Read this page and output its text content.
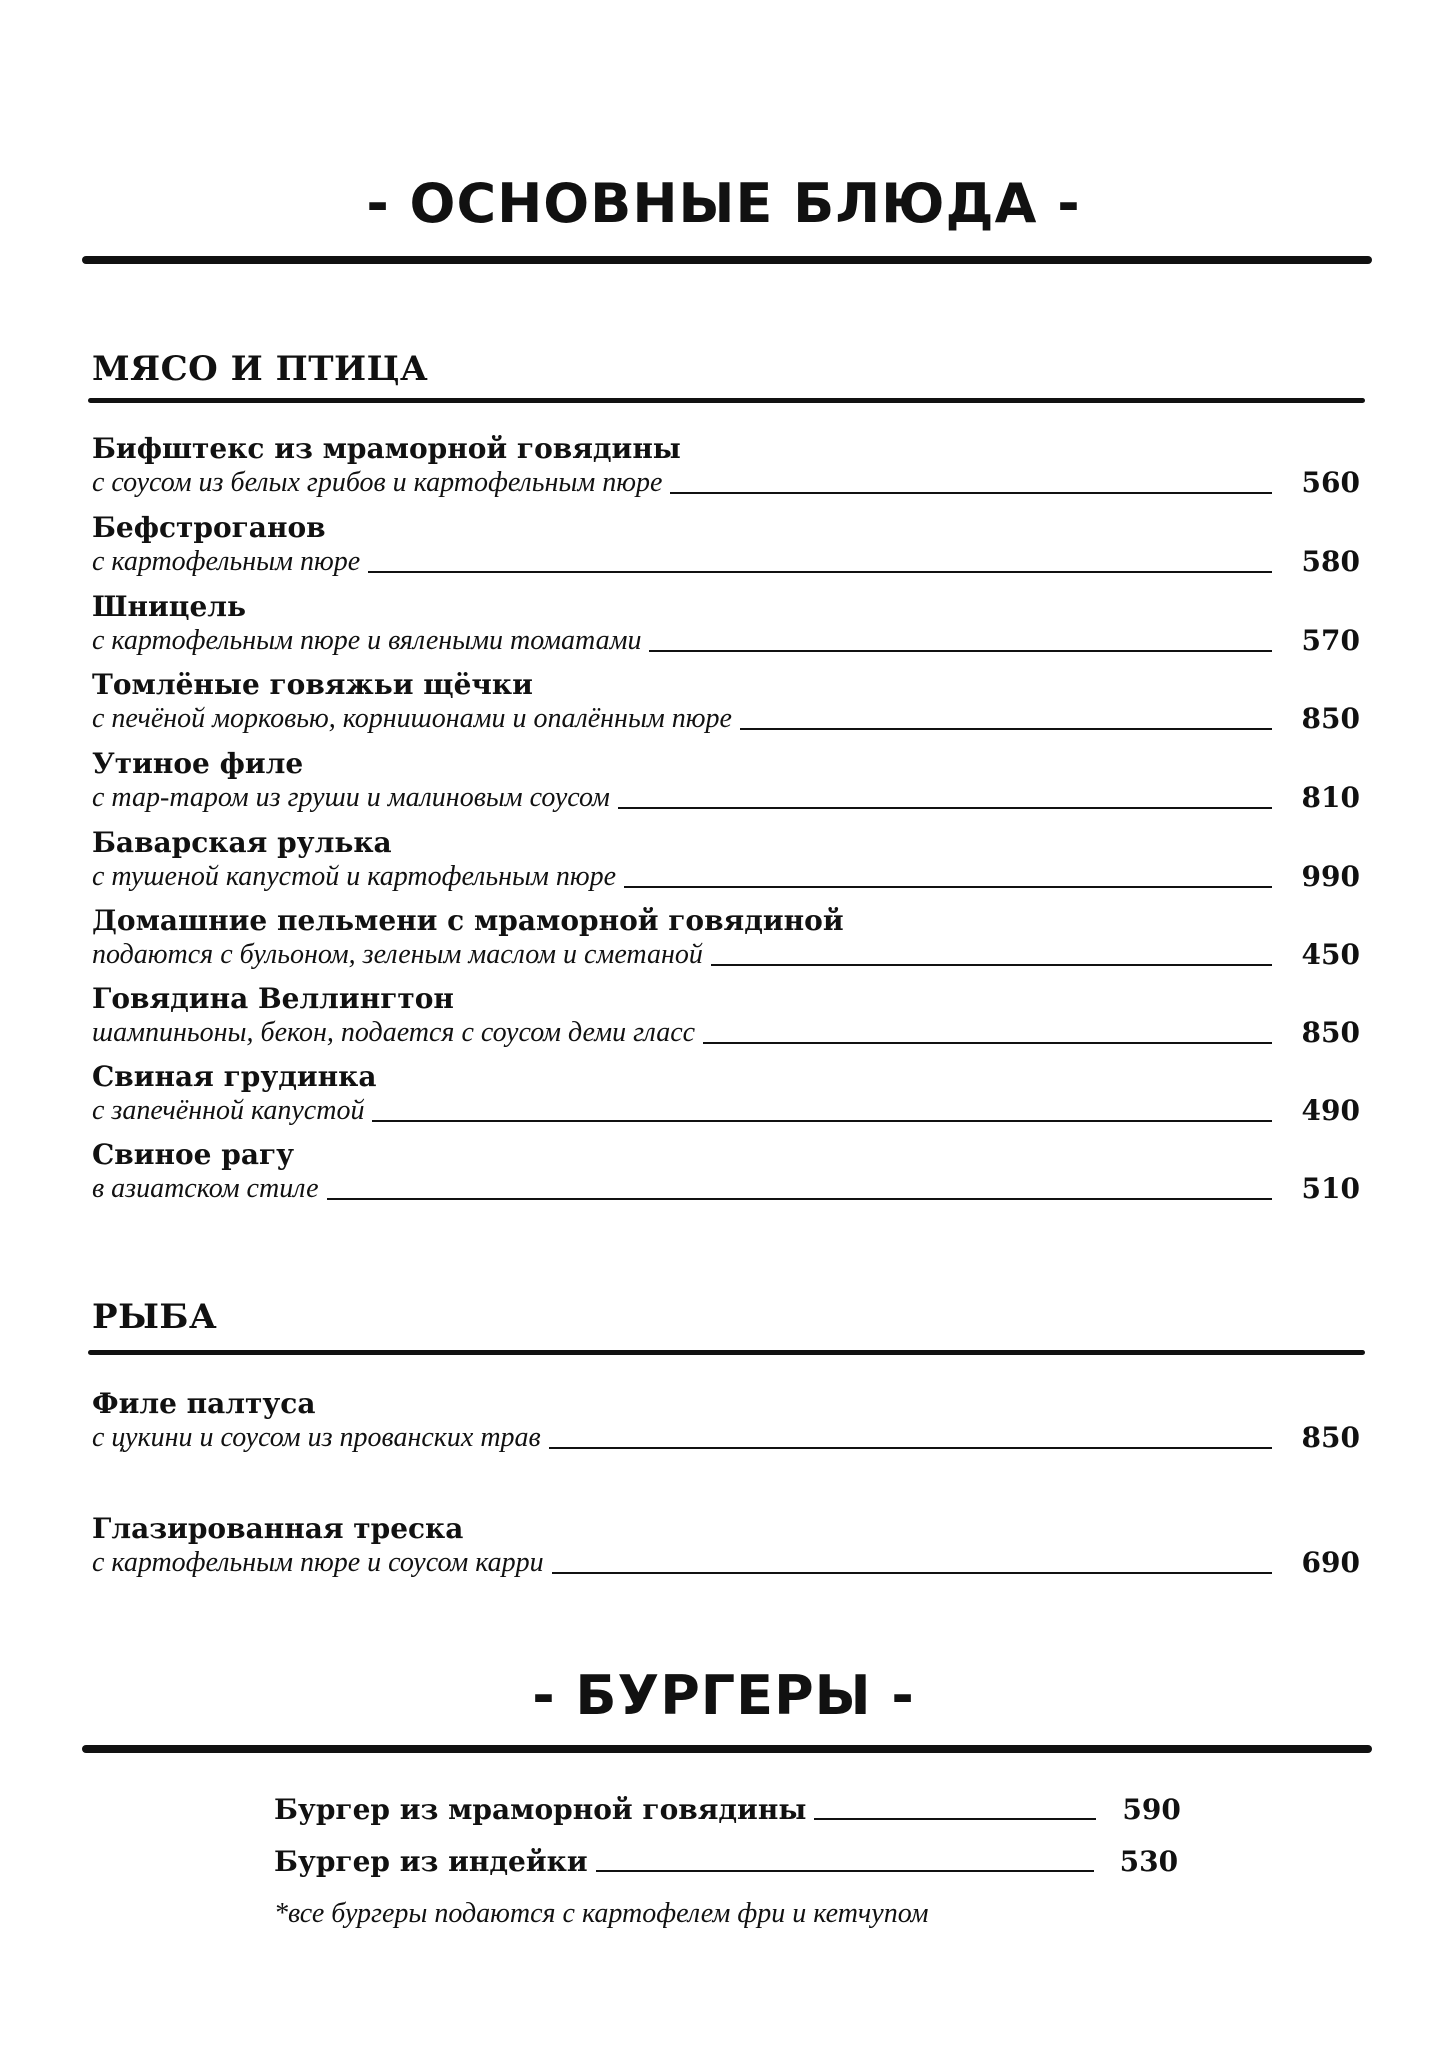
- ОСНОВНЫЕ БЛЮДА -
МЯСО И ПТИЦА
Бифштекс из мраморной говядины
с соусом из белых грибов и картофельным пюре	560
Бефстроганов
с картофельным пюре	580
Шницель
с картофельным пюре и вялеными томатами	570
Томлёные говяжьи щёчки
с печёной морковью, корнишонами и опалённым пюре	850
Утиное филе
с тар-таром из груши и малиновым соусом	810
Баварская рулька
с тушеной капустой и картофельным пюре	990
Домашние пельмени с мраморной говядиной
подаются с бульоном, зеленым маслом и сметаной	450
Говядина Веллингтон
шампиньоны, бекон, подается с соусом деми гласс	850
Свиная грудинка
с запечённой капустой	490
Свиное рагу
в азиатском стиле	510
РЫБА
Филе палтуса
с цукини и соусом из прованских трав	850
Глазированная треска
с картофельным пюре и соусом карри	690
- БУРГЕРЫ -
Бургер из мраморной говядины	590
Бургер из индейки	530

*все бургеры подаются с картофелем фри и кетчупом
